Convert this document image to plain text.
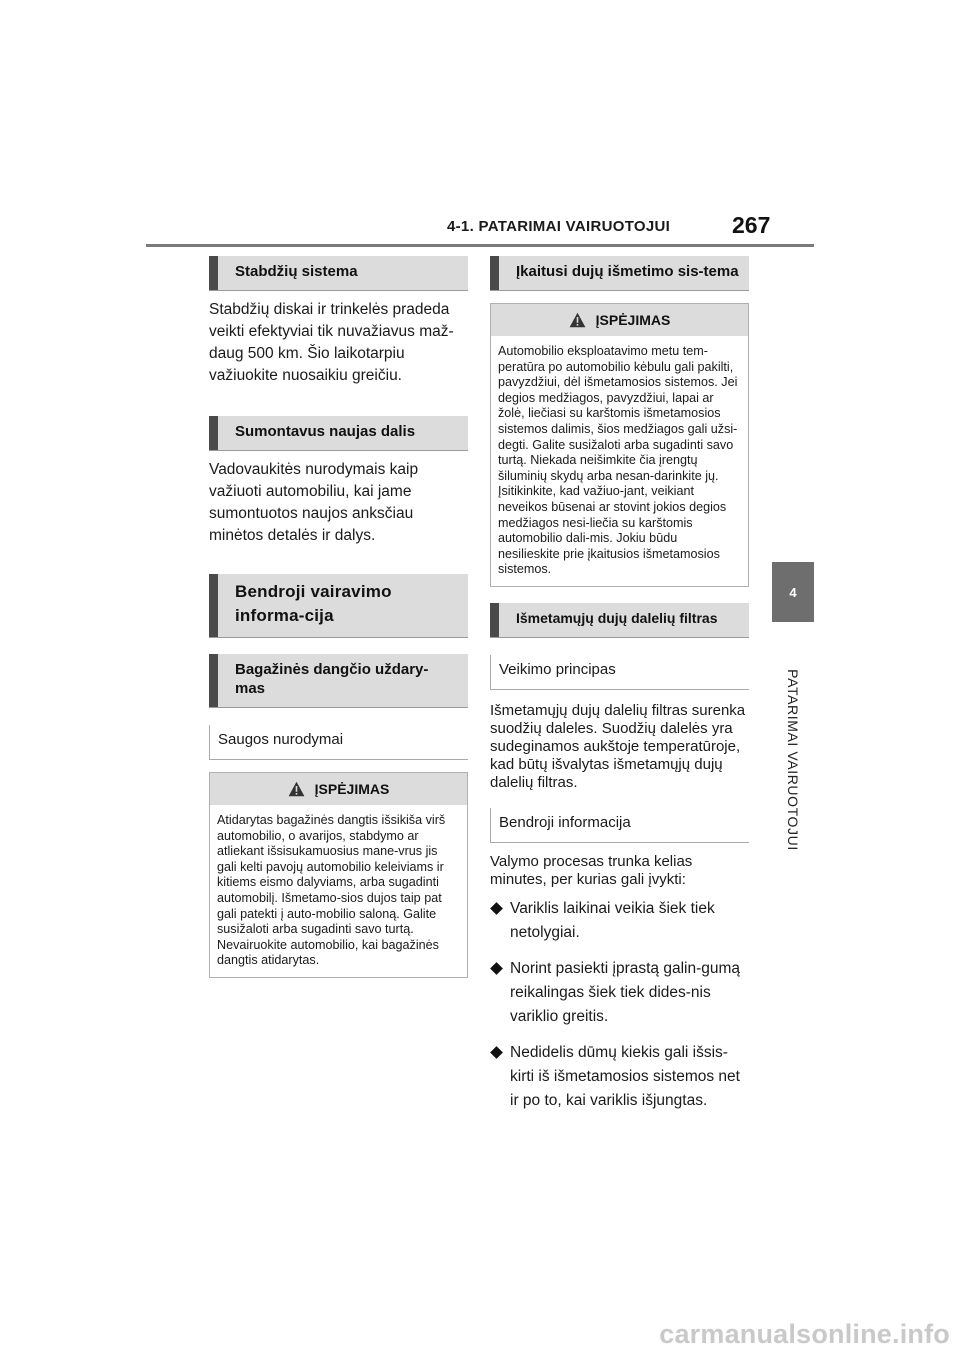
4-1. PATARIMAI VAIRUOTOJUI	267
4
PATARIMAI VAIRUOTOJUI
Stabdžių sistema
Stabdžių diskai ir trinkelės pradeda veikti efektyviai tik nuvažiavus maž-daug 500 km. Šio laikotarpiu važiuokite nuosaikiu greičiu.
Sumontavus naujas dalis
Vadovaukitės nurodymais kaip važiuoti automobiliu, kai jame sumontuotos naujos anksčiau minėtos detalės ir dalys.
Bendroji vairavimo informa-cija
Bagažinės dangčio uždary-mas
Saugos nurodymai
ĮSPĖJIMAS
Atidarytas bagažinės dangtis išsikiša virš automobilio, o avarijos, stabdymo ar atliekant išsisukamuosius mane-vrus jis gali kelti pavojų automobilio keleiviams ir kitiems eismo dalyviams, arba sugadinti automobilį. Išmetamo-sios dujos taip pat gali patekti į auto-mobilio saloną. Galite susižaloti arba sugadinti savo turtą. Nevairuokite automobilio, kai bagažinės dangtis atidarytas.
Įkaitusi dujų išmetimo sis-tema
ĮSPĖJIMAS
Automobilio eksploatavimo metu tem-peratūra po automobilio kėbulu gali pakilti, pavyzdžiui, dėl išmetamosios sistemos. Jei degios medžiagos, pavyzdžiui, lapai ar žolė, liečiasi su karštomis išmetamosios sistemos dalimis, šios medžiagos gali užsi-degti. Galite susižaloti arba sugadinti savo turtą. Niekada neišimkite čia įrengtų šiluminių skydų arba nesan-darinkite jų. Įsitikinkite, kad važiuo-jant, veikiant neveikos būsenai ar stovint jokios degios medžiagos nesi-liečia su karštomis automobilio dali-mis. Jokiu būdu nesilieskite prie įkaitusios išmetamosios sistemos.
Išmetamųjų dujų dalelių filtras
Veikimo principas
Išmetamųjų dujų dalelių filtras surenka suodžių daleles. Suodžių dalelės yra sudeginamos aukštoje temperatūroje, kad būtų išvalytas išmetamųjų dujų dalelių filtras.
Bendroji informacija
Valymo procesas trunka kelias minutes, per kurias gali įvykti:
Variklis laikinai veikia šiek tiek netolygiai.
Norint pasiekti įprastą galin-gumą reikalingas šiek tiek dides-nis variklio greitis.
Nedidelis dūmų kiekis gali išsis-kirti iš išmetamosios sistemos net ir po to, kai variklis išjungtas.
carmanualsonline.info
